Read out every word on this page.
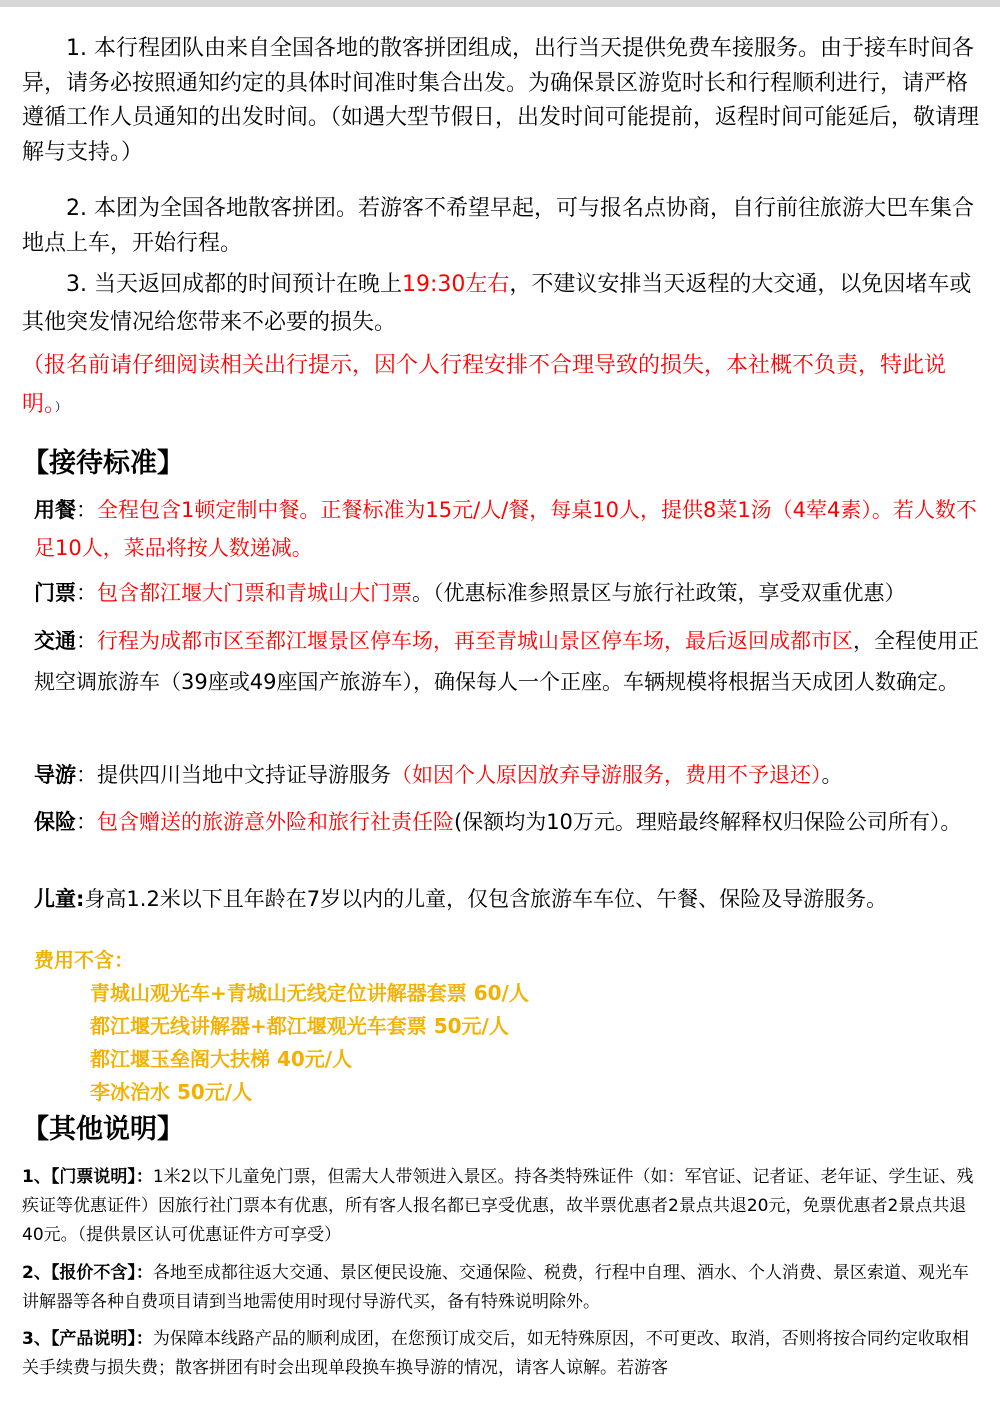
1. 本行程团队由来自全国各地的散客拼团组成，出行当天提供免费车接服务。由于接车时间各异，请务必按照通知约定的具体时间准时集合出发。为确保景区游览时长和行程顺利进行，请严格遵循工作人员通知的出发时间。（如遇大型节假日，出发时间可能提前，返程时间可能延后，敬请理解与支持。）
2. 本团为全国各地散客拼团。若游客不希望早起，可与报名点协商，自行前往旅游大巴车集合地点上车，开始行程。
3. 当天返回成都的时间预计在晚上19:30左右，不建议安排当天返程的大交通，以免因堵车或其他突发情况给您带来不必要的损失。
（报名前请仔细阅读相关出行提示，因个人行程安排不合理导致的损失，本社概不负责，特此说明。）
【接待标准】
用餐：全程包含1顿定制中餐。正餐标准为15元/人/餐，每桌10人，提供8菜1汤（4荤4素）。若人数不足10人，菜品将按人数递减。
门票：包含都江堰大门票和青城山大门票。（优惠标准参照景区与旅行社政策，享受双重优惠）
交通：行程为成都市区至都江堰景区停车场，再至青城山景区停车场，最后返回成都市区，全程使用正规空调旅游车（39座或49座国产旅游车），确保每人一个正座。车辆规模将根据当天成团人数确定。
导游：提供四川当地中文持证导游服务（如因个人原因放弃导游服务，费用不予退还）。
保险：包含赠送的旅游意外险和旅行社责任险(保额均为10万元。理赔最终解释权归保险公司所有）。
儿童:身高1.2米以下且年龄在7岁以内的儿童，仅包含旅游车车位、午餐、保险及导游服务。
费用不含：
青城山观光车+青城山无线定位讲解器套票 60/人
都江堰无线讲解器+都江堰观光车套票 50元/人
都江堰玉垒阁大扶梯 40元/人
李冰治水 50元/人
【其他说明】
1、【门票说明】：1米2以下儿童免门票，但需大人带领进入景区。持各类特殊证件（如：军官证、记者证、老年证、学生证、残疾证等优惠证件）因旅行社门票本有优惠，所有客人报名都已享受优惠，故半票优惠者2景点共退20元，免票优惠者2景点共退40元。（提供景区认可优惠证件方可享受）
2、【报价不含】：各地至成都往返大交通、景区便民设施、交通保险、税费，行程中自理、酒水、个人消费、景区索道、观光车讲解器等各种自费项目请到当地需使用时现付导游代买，备有特殊说明除外。
3、【产品说明】：为保障本线路产品的顺利成团，在您预订成交后，如无特殊原因，不可更改、取消，否则将按合同约定收取相关手续费与损失费；散客拼团有时会出现单段换车换导游的情况，请客人谅解。若游客
